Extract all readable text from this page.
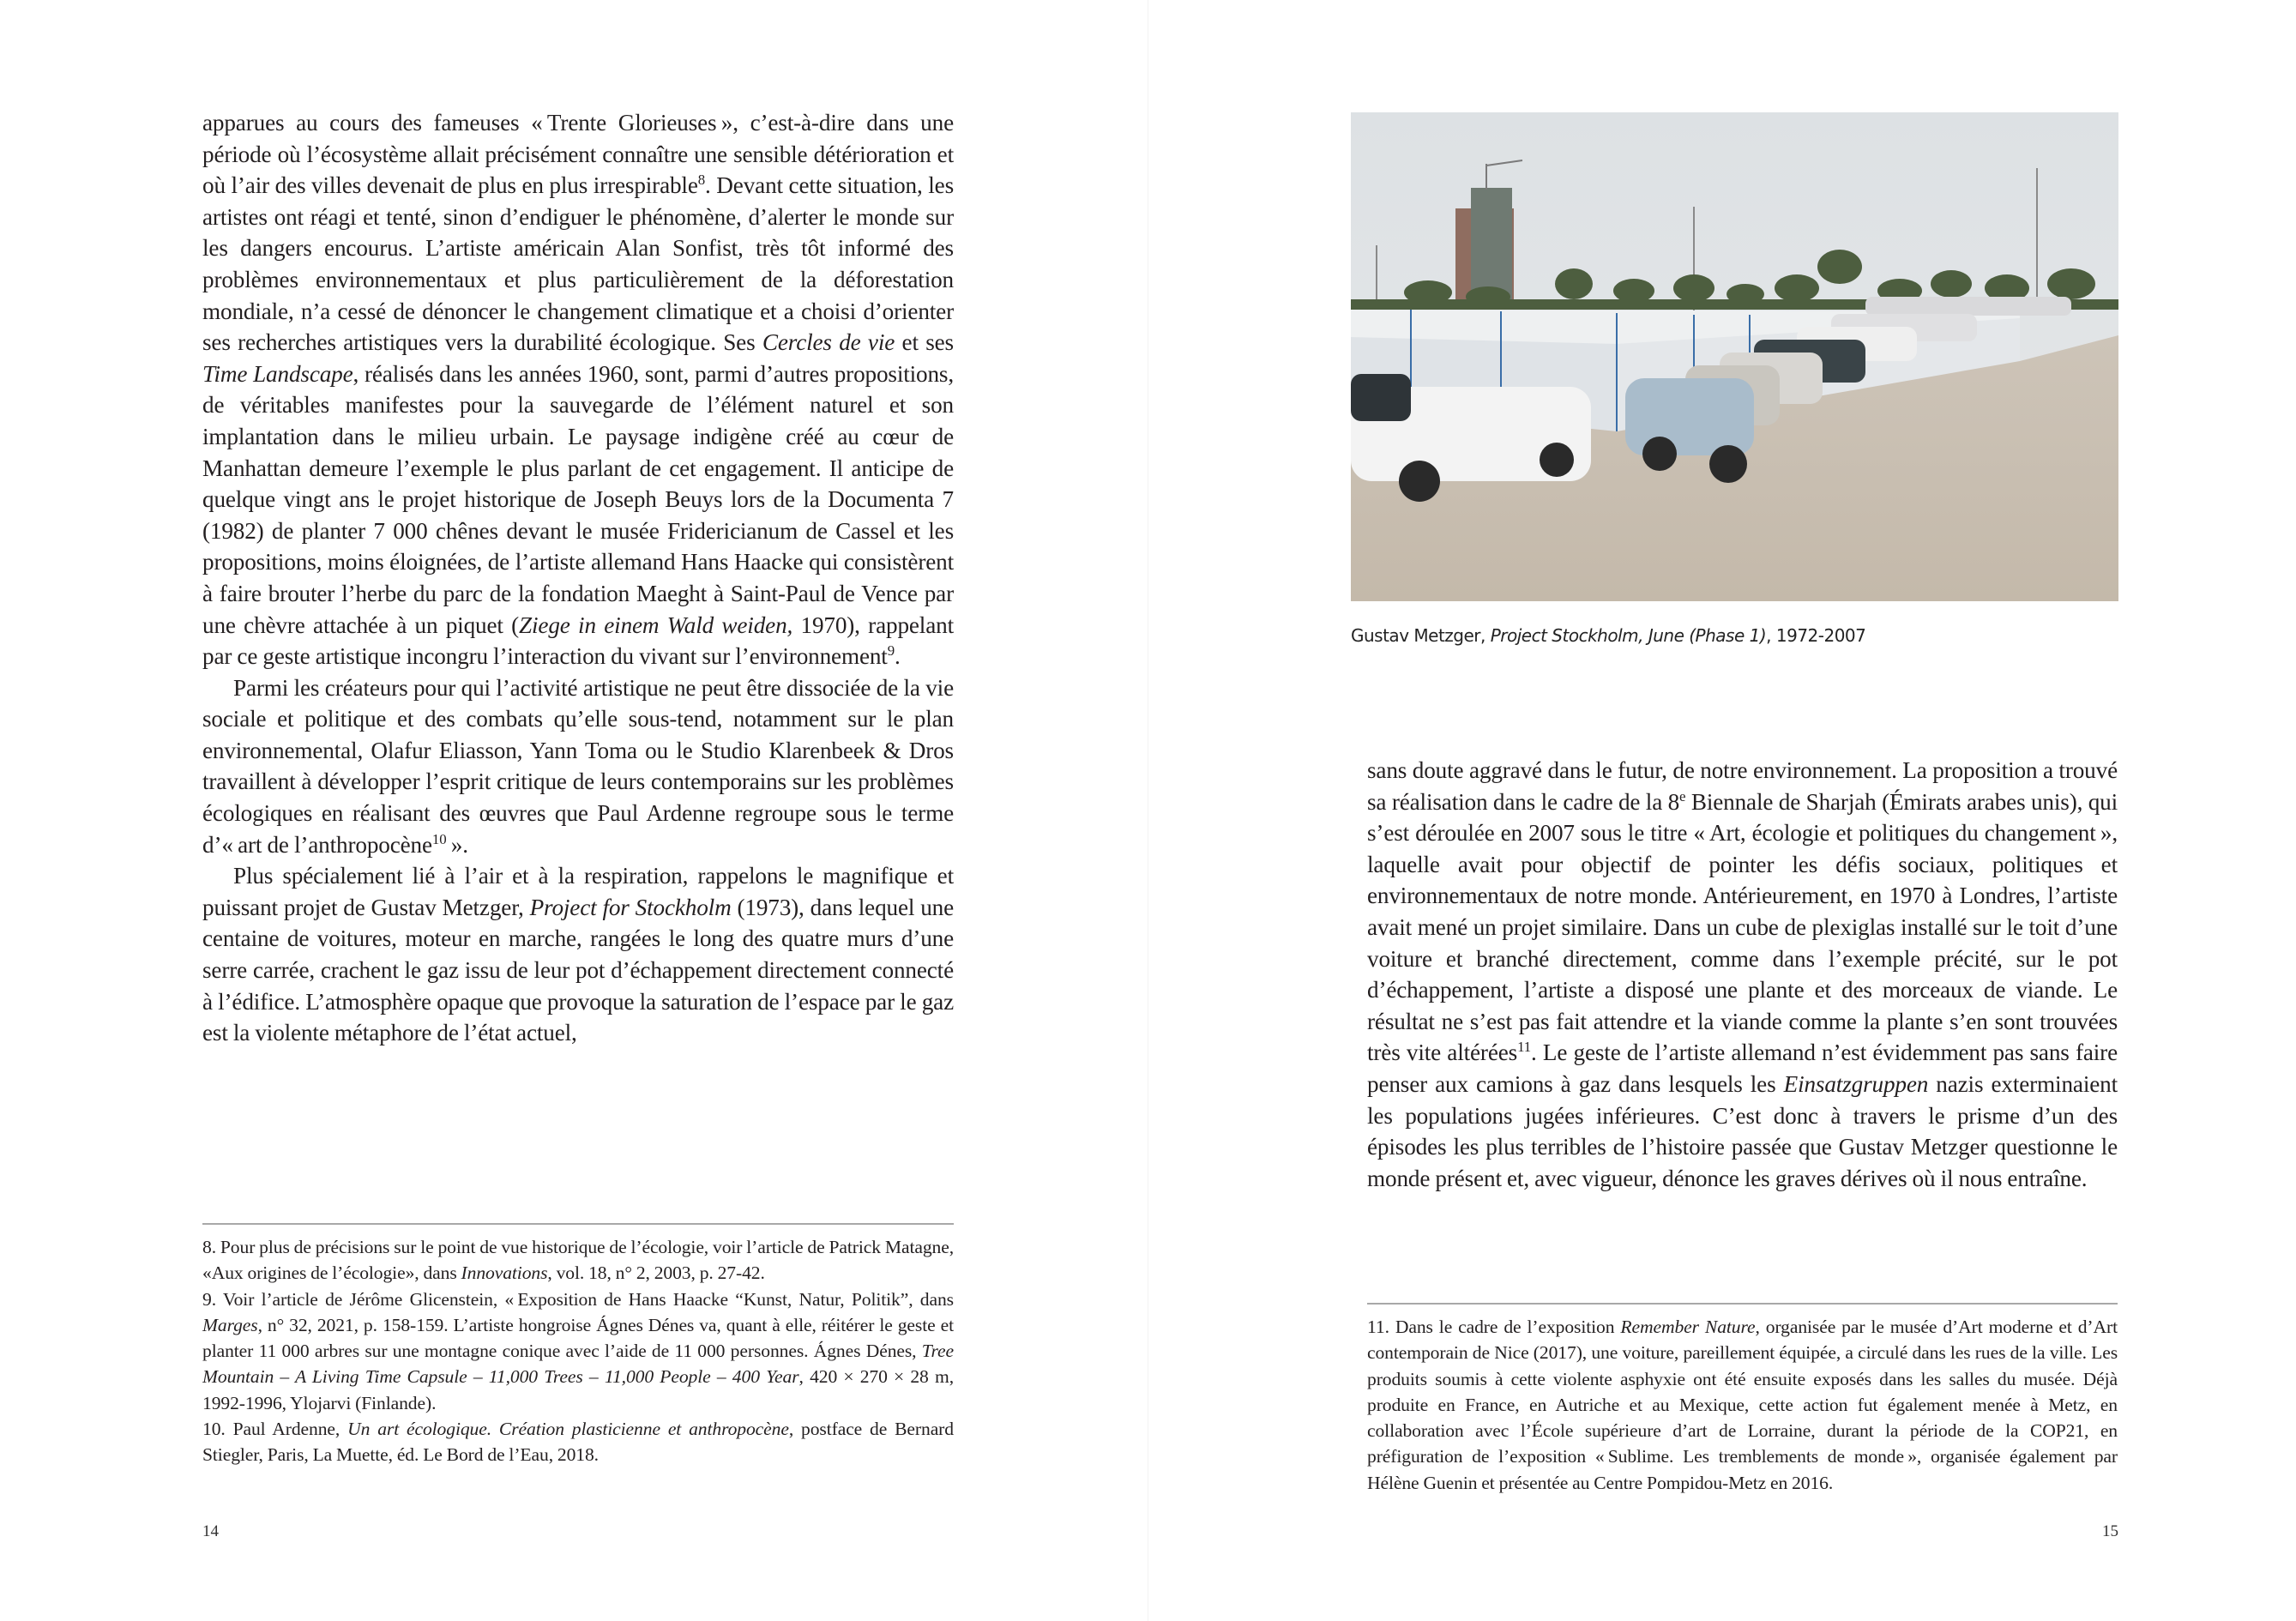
apparues au cours des fameuses « Trente Glorieuses », c’est-à-dire dans une période où l’écosystème allait précisément connaître une sensible détérioration et où l’air des villes devenait de plus en plus irrespirable$^8$. Devant cette situation, les artistes ont réagi et tenté, sinon d’endiguer le phénomène, d’alerter le monde sur les dangers encourus. L’artiste américain Alan Sonfist, très tôt informé des problèmes environnementaux et plus particulièrement de la déforestation mondiale, n’a cessé de dénoncer le changement climatique et a choisi d’orienter ses recherches artistiques vers la durabilité écologique. Ses Cercles de vie et ses Time Landscape, réalisés dans les années 1960, sont, parmi d’autres propositions, de véritables manifestes pour la sauvegarde de l’élément naturel et son implantation dans le milieu urbain. Le paysage indigène créé au cœur de Manhattan demeure l’exemple le plus parlant de cet engagement. Il anticipe de quelque vingt ans le projet historique de Joseph Beuys lors de la Documenta 7 (1982) de planter 7 000 chênes devant le musée Fridericianum de Cassel et les propositions, moins éloignées, de l’artiste allemand Hans Haacke qui consistèrent à faire brouter l’herbe du parc de la fondation Maeght à Saint-Paul de Vence par une chèvre attachée à un piquet (Ziege in einem Wald weiden, 1970), rappelant par ce geste artistique incongru l’interaction du vivant sur l’environnement$^9$.

Parmi les créateurs pour qui l’activité artistique ne peut être dissociée de la vie sociale et politique et des combats qu’elle sous-tend, notamment sur le plan environnemental, Olafur Eliasson, Yann Toma ou le Studio Klarenbeek & Dros travaillent à développer l’esprit critique de leurs contemporains sur les problèmes écologiques en réalisant des œuvres que Paul Ardenne regroupe sous le terme d’« art de l’anthropocène$^{10}$ ».

Plus spécialement lié à l’air et à la respiration, rappelons le magnifique et puissant projet de Gustav Metzger, Project for Stockholm (1973), dans lequel une centaine de voitures, moteur en marche, rangées le long des quatre murs d’une serre carrée, crachent le gaz issu de leur pot d’échappement directement connecté à l’édifice. L’atmosphère opaque que provoque la saturation de l’espace par le gaz est la violente métaphore de l’état actuel,

8. Pour plus de précisions sur le point de vue historique de l’écologie, voir l’article de Patrick Matagne, «Aux origines de l’écologie», dans Innovations, vol. 18, n° 2, 2003, p. 27-42.

9. Voir l’article de Jérôme Glicenstein, « Exposition de Hans Haacke “Kunst, Natur, Politik”, dans Marges, n° 32, 2021, p. 158-159. L’artiste hongroise Ágnes Dénes va, quant à elle, réitérer le geste et planter 11 000 arbres sur une montagne conique avec l’aide de 11 000 personnes. Ágnes Dénes, Tree Mountain – A Living Time Capsule – 11,000 Trees – 11,000 People – 400 Year, 420 × 270 × 28 m, 1992-1996, Ylojarvi (Finlande).

10. Paul Ardenne, Un art écologique. Création plasticienne et anthropocène, postface de Bernard Stiegler, Paris, La Muette, éd. Le Bord de l’Eau, 2018.

14
Gustav Metzger, Project Stockholm, June (Phase 1), 1972-2007

sans doute aggravé dans le futur, de notre environnement. La proposition a trouvé sa réalisation dans le cadre de la 8e Biennale de Sharjah (Émirats arabes unis), qui s’est déroulée en 2007 sous le titre « Art, écologie et politiques du changement », laquelle avait pour objectif de pointer les défis sociaux, politiques et environnementaux de notre monde. Antérieurement, en 1970 à Londres, l’artiste avait mené un projet similaire. Dans un cube de plexiglas installé sur le toit d’une voiture et branché directement, comme dans l’exemple précité, sur le pot d’échappement, l’artiste a disposé une plante et des morceaux de viande. Le résultat ne s’est pas fait attendre et la viande comme la plante s’en sont trouvées très vite altérées$^{11}$. Le geste de l’artiste allemand n’est évidemment pas sans faire penser aux camions à gaz dans lesquels les Einsatzgruppen nazis exterminaient les populations jugées inférieures. C’est donc à travers le prisme d’un des épisodes les plus terribles de l’histoire passée que Gustav Metzger questionne le monde présent et, avec vigueur, dénonce les graves dérives où il nous entraîne.

11. Dans le cadre de l’exposition Remember Nature, organisée par le musée d’Art moderne et d’Art contemporain de Nice (2017), une voiture, pareillement équipée, a circulé dans les rues de la ville. Les produits soumis à cette violente asphyxie ont été ensuite exposés dans les salles du musée. Déjà produite en France, en Autriche et au Mexique, cette action fut également menée à Metz, en collaboration avec l’École supérieure d’art de Lorraine, durant la période de la COP21, en préfiguration de l’exposition « Sublime. Les tremblements de monde », organisée également par Hélène Guenin et présentée au Centre Pompidou-Metz en 2016.

15
